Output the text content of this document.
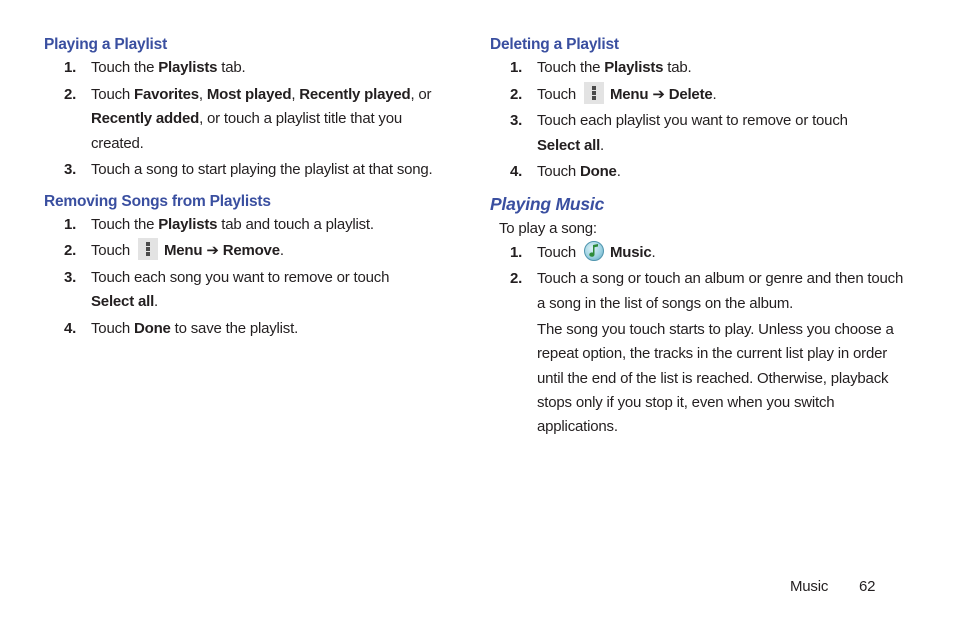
Playing a Playlist
1. Touch the Playlists tab.
2. Touch Favorites, Most played, Recently played, or
Recently added, or touch a playlist title that you created.
3. Touch a song to start playing the playlist at that song.
Removing Songs from Playlists
1. Touch the Playlists tab and touch a playlist.
2. Touch
Menu ➔ Remove.
3. Touch each song you want to remove or touch
Select all.
4. Touch Done to save the playlist.
Deleting a Playlist
1. Touch the Playlists tab.
2. Touch
Menu ➔ Delete.
3. Touch each playlist you want to remove or touch
Select all.
4. Touch Done.
Playing Music
To play a song:
1. Touch
Music.
2. Touch a song or touch an album or genre and then touch a song in the list of songs on the album.
The song you touch starts to play. Unless you choose a repeat option, the tracks in the current list play in order until the end of the list is reached. Otherwise, playback stops only if you stop it, even when you switch applications.
Music 62
